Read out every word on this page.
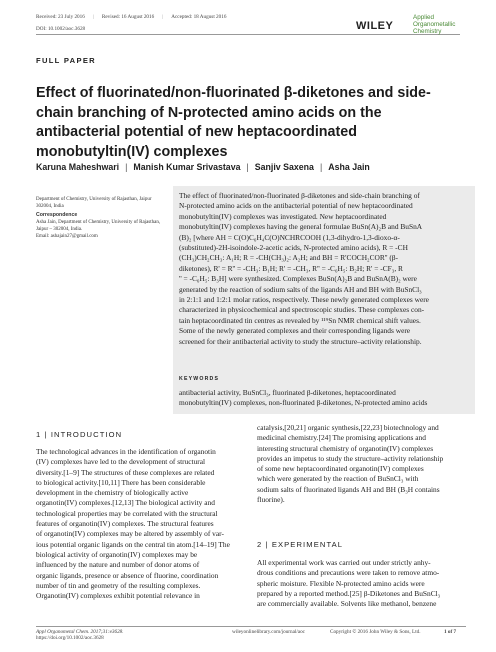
Received: 23 July 2016 | Revised: 16 August 2016 | Accepted: 18 August 2016
DOI: 10.1002/aoc.3628	WILEY
Applied
Organometallic
Chemistry
FULL PAPER
Effect of fluorinated/non-fluorinated β-diketones and side-chain branching of N-protected amino acids on the antibacterial potential of new heptacoordinated monobutyltin(IV) complexes
Karuna Maheshwari | Manish Kumar Srivastava | Sanjiv Saxena | Asha Jain
Department of Chemistry, University of Rajasthan, Jaipur 302004, India
Correspondence
Asha Jain, Department of Chemistry, University of Rajasthan, Jaipur – 302004, India.
Email: ashajain27@gmail.com
The effect of fluorinated/non-fluorinated β-diketones and side-chain branching of
N-protected amino acids on the antibacterial potential of new heptacoordinated
monobutyltin(IV) complexes was investigated. New heptacoordinated
monobutyltin(IV) complexes having the general formulae BuSn(A)₂B and BuSnA
(B)₂ [where AH = C(O)C₆H₄C(O)NCHRCOOH (1,3-dihydro-1,3-dioxo-α-
(substituted)-2H-isoindole-2-acetic acids, N-protected amino acids), R = -CH
(CH₃)CH₂CH₃: A₁H; R = -CH(CH₃)₂: A₂H; and BH = R'COCH₂COR'' (β-
diketones), R' = R'' = -CH₃: B₁H; R' = -CH₃, R'' = -C₆H₅: B₂H; R' = -CF₃, R
'' = -C₆H₅: B₃H] were synthesized. Complexes BuSn(A)₂B and BuSnA(B)₂ were
generated by the reaction of sodium salts of the ligands AH and BH with BuSnCl₃
in 2:1:1 and 1:2:1 molar ratios, respectively. These newly generated complexes were
characterized in physicochemical and spectroscopic studies. These complexes con-
tain heptacoordinated tin centres as revealed by ¹¹⁹Sn NMR chemical shift values.
Some of the newly generated complexes and their corresponding ligands were
screened for their antibacterial activity to study the structure–activity relationship.
KEYWORDS
antibacterial activity, BuSnCl₃, fluorinated β-diketones, heptacoordinated
monobutyltin(IV) complexes, non-fluorinated β-diketones, N-protected amino acids
1 | INTRODUCTION
The technological advances in the identification of organotin
(IV) complexes have led to the development of structural
diversity.[1–9] The structures of these complexes are related
to biological activity.[10,11] There has been considerable
development in the chemistry of biologically active
organotin(IV) complexes.[12,13] The biological activity and
technological properties may be correlated with the structural
features of organotin(IV) complexes. The structural features
of organotin(IV) complexes may be altered by assembly of var-
ious potential organic ligands on the central tin atom.[14–19] The
biological activity of organotin(IV) complexes may be
influenced by the nature and number of donor atoms of
organic ligands, presence or absence of fluorine, coordination
number of tin and geometry of the resulting complexes.
Organotin(IV) complexes exhibit potential relevance in
catalysis,[20,21] organic synthesis,[22,23] biotechnology and
medicinal chemistry.[24] The promising applications and
interesting structural chemistry of organotin(IV) complexes
provides an impetus to study the structure–activity relationship
of some new heptacoordinated organotin(IV) complexes
which were generated by the reaction of BuSnCl₃ with
sodium salts of fluorinated ligands AH and BH (B₃H contains
fluorine).
2 | EXPERIMENTAL
All experimental work was carried out under strictly anhy-
drous conditions and precautions were taken to remove atmo-
spheric moisture. Flexible N-protected amino acids were
prepared by a reported method.[25] β-Diketones and BuSnCl₃
are commercially available. Solvents like methanol, benzene
Appl Organometal Chem. 2017;31:e3628.
https://doi.org/10.1002/aoc.3628
wileyonlinelibrary.com/journal/aoc	Copyright © 2016 John Wiley & Sons, Ltd.	1 of 7
